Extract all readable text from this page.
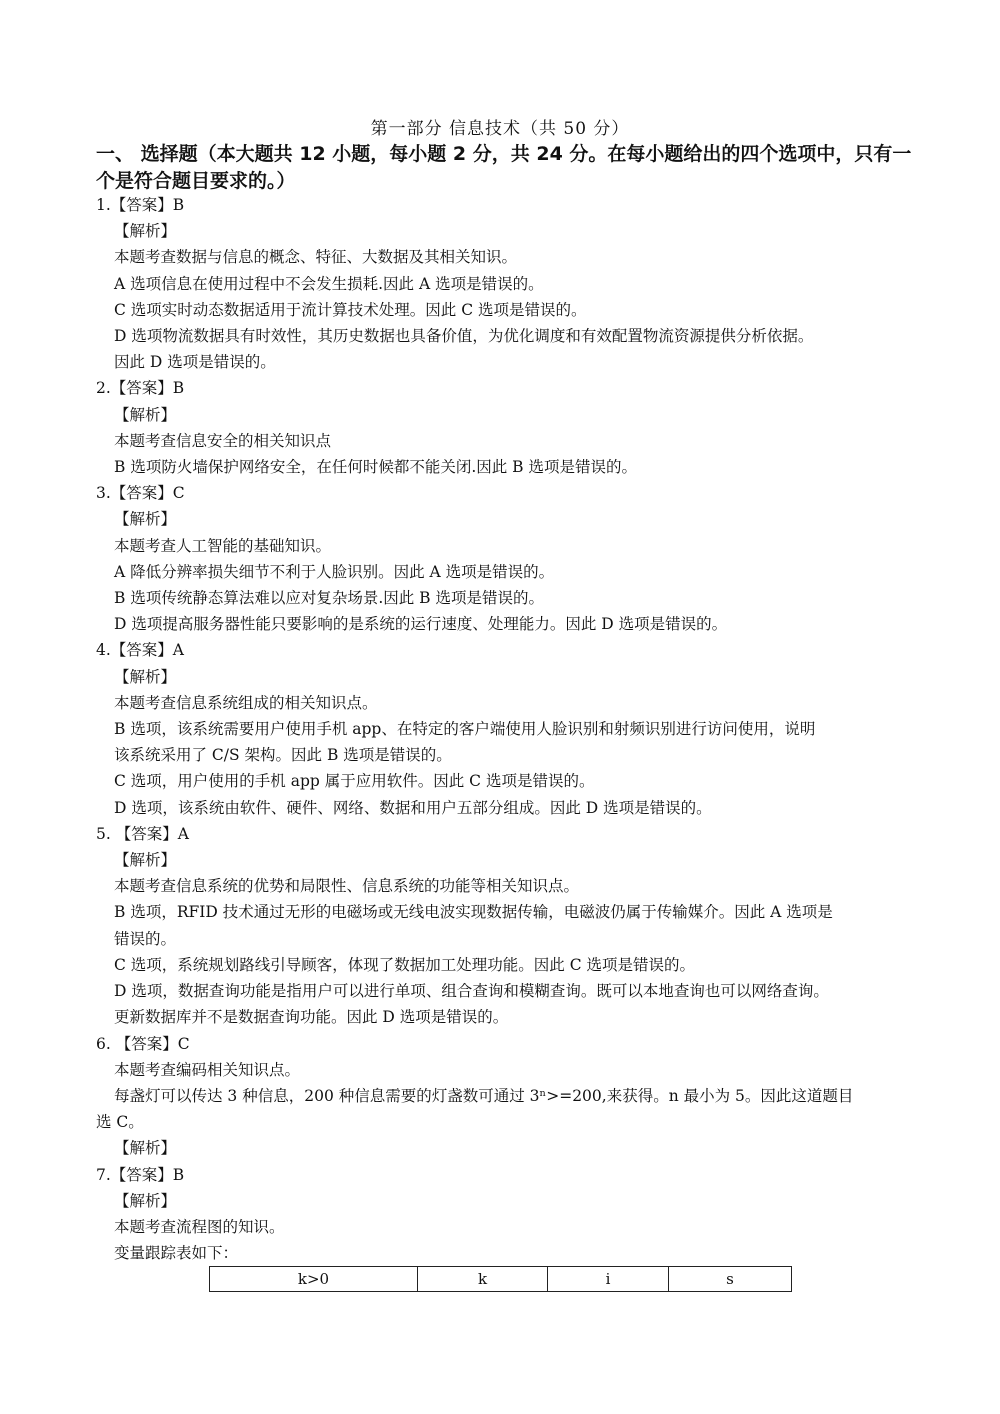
第一部分 信息技术（共 50 分）
一、 选择题（本大题共 12 小题，每小题 2 分，共 24 分。在每小题给出的四个选项中，只有一个是符合题目要求的。）
1.【答案】B
【解析】
本题考查数据与信息的概念、特征、大数据及其相关知识。
A 选项信息在使用过程中不会发生损耗.因此 A 选项是错误的。
C 选项实时动态数据适用于流计算技术处理。因此 C 选项是错误的。
D 选项物流数据具有时效性，其历史数据也具备价值，为优化调度和有效配置物流资源提供分析依据。
因此 D 选项是错误的。
2.【答案】B
【解析】
本题考查信息安全的相关知识点
B 选项防火墙保护网络安全，在任何时候都不能关闭.因此 B 选项是错误的。
3.【答案】C
【解析】
本题考查人工智能的基础知识。
A 降低分辨率损失细节不利于人脸识别。因此 A 选项是错误的。
B 选项传统静态算法难以应对复杂场景.因此 B 选项是错误的。
D 选项提高服务器性能只要影响的是系统的运行速度、处理能力。因此 D 选项是错误的。
4.【答案】A
【解析】
本题考查信息系统组成的相关知识点。
B 选项，该系统需要用户使用手机 app、在特定的客户端使用人脸识别和射频识别进行访问使用，说明
该系统采用了 C/S 架构。因此 B 选项是错误的。
C 选项，用户使用的手机 app 属于应用软件。因此 C 选项是错误的。
D 选项，该系统由软件、硬件、网络、数据和用户五部分组成。因此 D 选项是错误的。
5. 【答案】A
【解析】
本题考查信息系统的优势和局限性、信息系统的功能等相关知识点。
B 选项，RFID 技术通过无形的电磁场或无线电波实现数据传输，电磁波仍属于传输媒介。因此 A 选项是
错误的。
C 选项，系统规划路线引导顾客，体现了数据加工处理功能。因此 C 选项是错误的。
D 选项，数据查询功能是指用户可以进行单项、组合查询和模糊查询。既可以本地查询也可以网络查询。
更新数据库并不是数据查询功能。因此 D 选项是错误的。
6. 【答案】C
本题考查编码相关知识点。
每盏灯可以传达 3 种信息，200 种信息需要的灯盏数可通过 3ⁿ>=200,来获得。n 最小为 5。因此这道题目
选 C。
【解析】
7.【答案】B
【解析】
本题考查流程图的知识。
变量跟踪表如下：
k>0	k	i	s
